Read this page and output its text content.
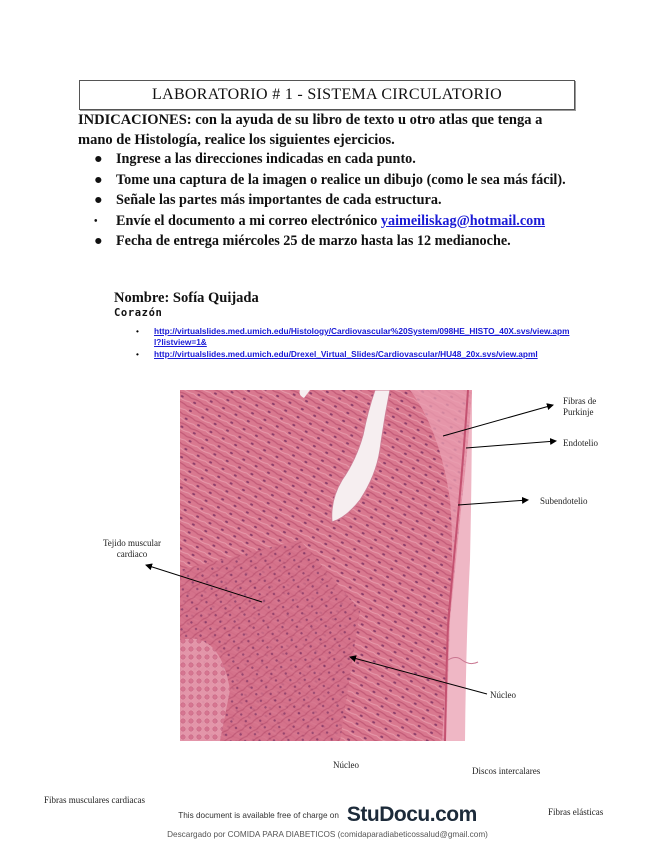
LABORATORIO # 1 - SISTEMA CIRCULATORIO
INDICACIONES: con la ayuda de su libro de texto u otro atlas que tenga a mano de Histología, realice los siguientes ejercicios.
● Ingrese a las direcciones indicadas en cada punto.
● Tome una captura de la imagen o realice un dibujo (como le sea más fácil).
● Señale las partes más importantes de cada estructura.
• Envíe el documento a mi correo electrónico yaimeiliskag@hotmail.com
● Fecha de entrega miércoles 25 de marzo hasta las 12 medianoche.
Nombre: Sofía Quijada
Corazón
• http://virtualslides.med.umich.edu/Histology/Cardiovascular%20System/098HE_HISTO_40X.svs/view.apml?listview=1&
• http://virtualslides.med.umich.edu/Drexel_Virtual_Slides/Cardiovascular/HU48_20x.svs/view.apml
Fibras de Purkinje
Endotelio
Subendotelio
Tejido muscular cardiaco
Núcleo
Núcleo
Discos intercalares
Fibras musculares cardiacas
Fibras elásticas
This document is available free of charge on StuDocu.com
Descargado por COMIDA PARA DIABETICOS (comidaparadiabeticossalud@gmail.com)
